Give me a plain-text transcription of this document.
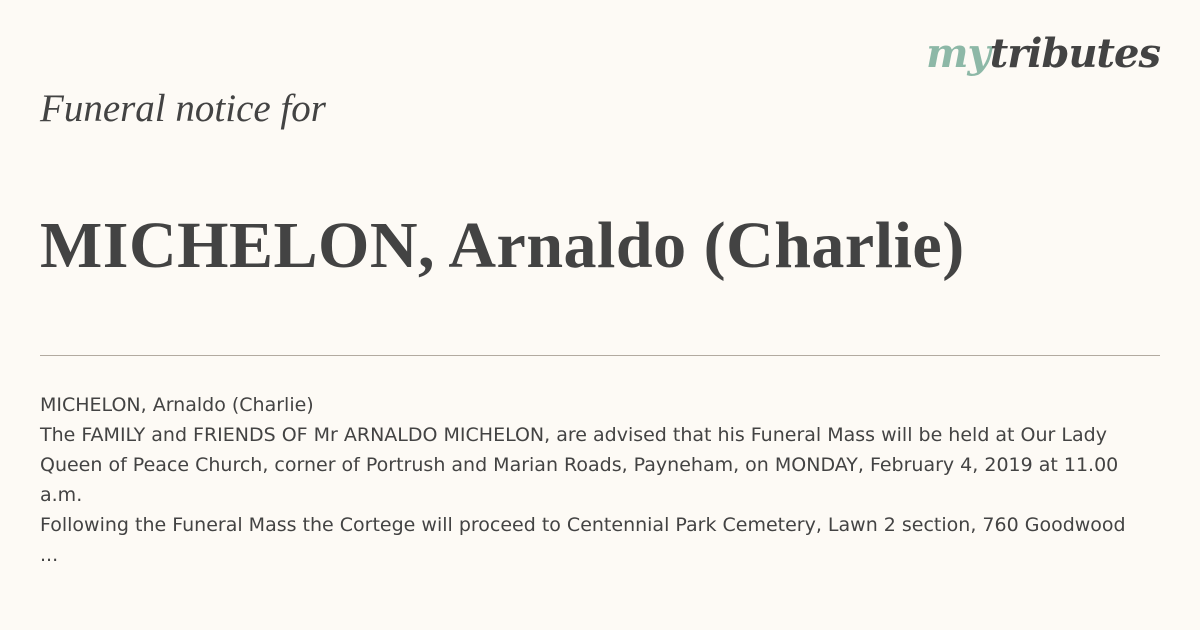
mytributes
Funeral notice for
MICHELON, Arnaldo (Charlie)

MICHELON, Arnaldo (Charlie)

The FAMILY and FRIENDS OF Mr ARNALDO MICHELON, are advised that his Funeral Mass will be held at Our Lady Queen of Peace Church, corner of Portrush and Marian Roads, Payneham, on MONDAY, February 4, 2019 at 11.00 a.m.

Following the Funeral Mass the Cortege will proceed to Centennial Park Cemetery, Lawn 2 section, 760 Goodwood

...
